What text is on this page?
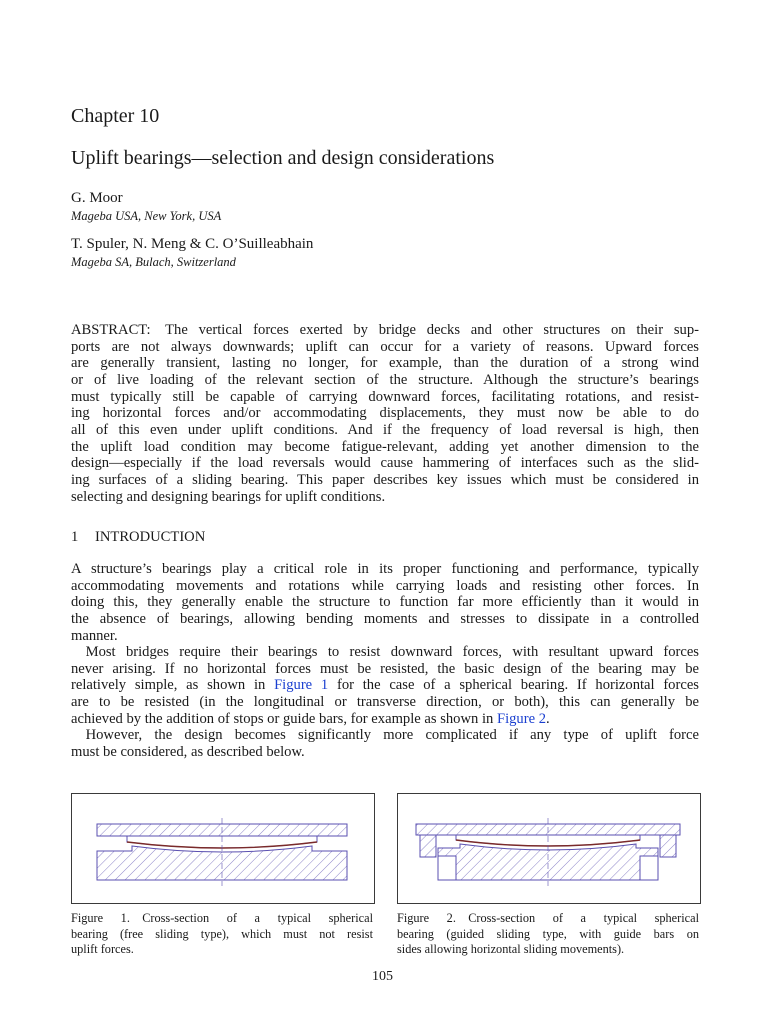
Chapter 10
Uplift bearings—selection and design considerations
G. Moor
Mageba USA, New York, USA
T. Spuler, N. Meng & C. O’Suilleabhain
Mageba SA, Bulach, Switzerland
ABSTRACT: The vertical forces exerted by bridge decks and other structures on their sup-
ports are not always downwards; uplift can occur for a variety of reasons. Upward forces
are generally transient, lasting no longer, for example, than the duration of a strong wind
or of live loading of the relevant section of the structure. Although the structure’s bearings
must typically still be capable of carrying downward forces, facilitating rotations, and resist-
ing horizontal forces and/or accommodating displacements, they must now be able to do
all of this even under uplift conditions. And if the frequency of load reversal is high, then
the uplift load condition may become fatigue-relevant, adding yet another dimension to the
design—especially if the load reversals would cause hammering of interfaces such as the slid-
ing surfaces of a sliding bearing. This paper describes key issues which must be considered in
selecting and designing bearings for uplift conditions.
1 INTRODUCTION
A structure’s bearings play a critical role in its proper functioning and performance, typically
accommodating movements and rotations while carrying loads and resisting other forces. In
doing this, they generally enable the structure to function far more efficiently than it would in
the absence of bearings, allowing bending moments and stresses to dissipate in a controlled
manner.
 Most bridges require their bearings to resist downward forces, with resultant upward forces
never arising. If no horizontal forces must be resisted, the basic design of the bearing may be
relatively simple, as shown in Figure 1 for the case of a spherical bearing. If horizontal forces
are to be resisted (in the longitudinal or transverse direction, or both), this can generally be
achieved by the addition of stops or guide bars, for example as shown in Figure 2.
 However, the design becomes significantly more complicated if any type of uplift force
must be considered, as described below.
Figure 1. Cross-section of a typical spherical
bearing (free sliding type), which must not resist
uplift forces.
Figure 2. Cross-section of a typical spherical
bearing (guided sliding type, with guide bars on
sides allowing horizontal sliding movements).
105
